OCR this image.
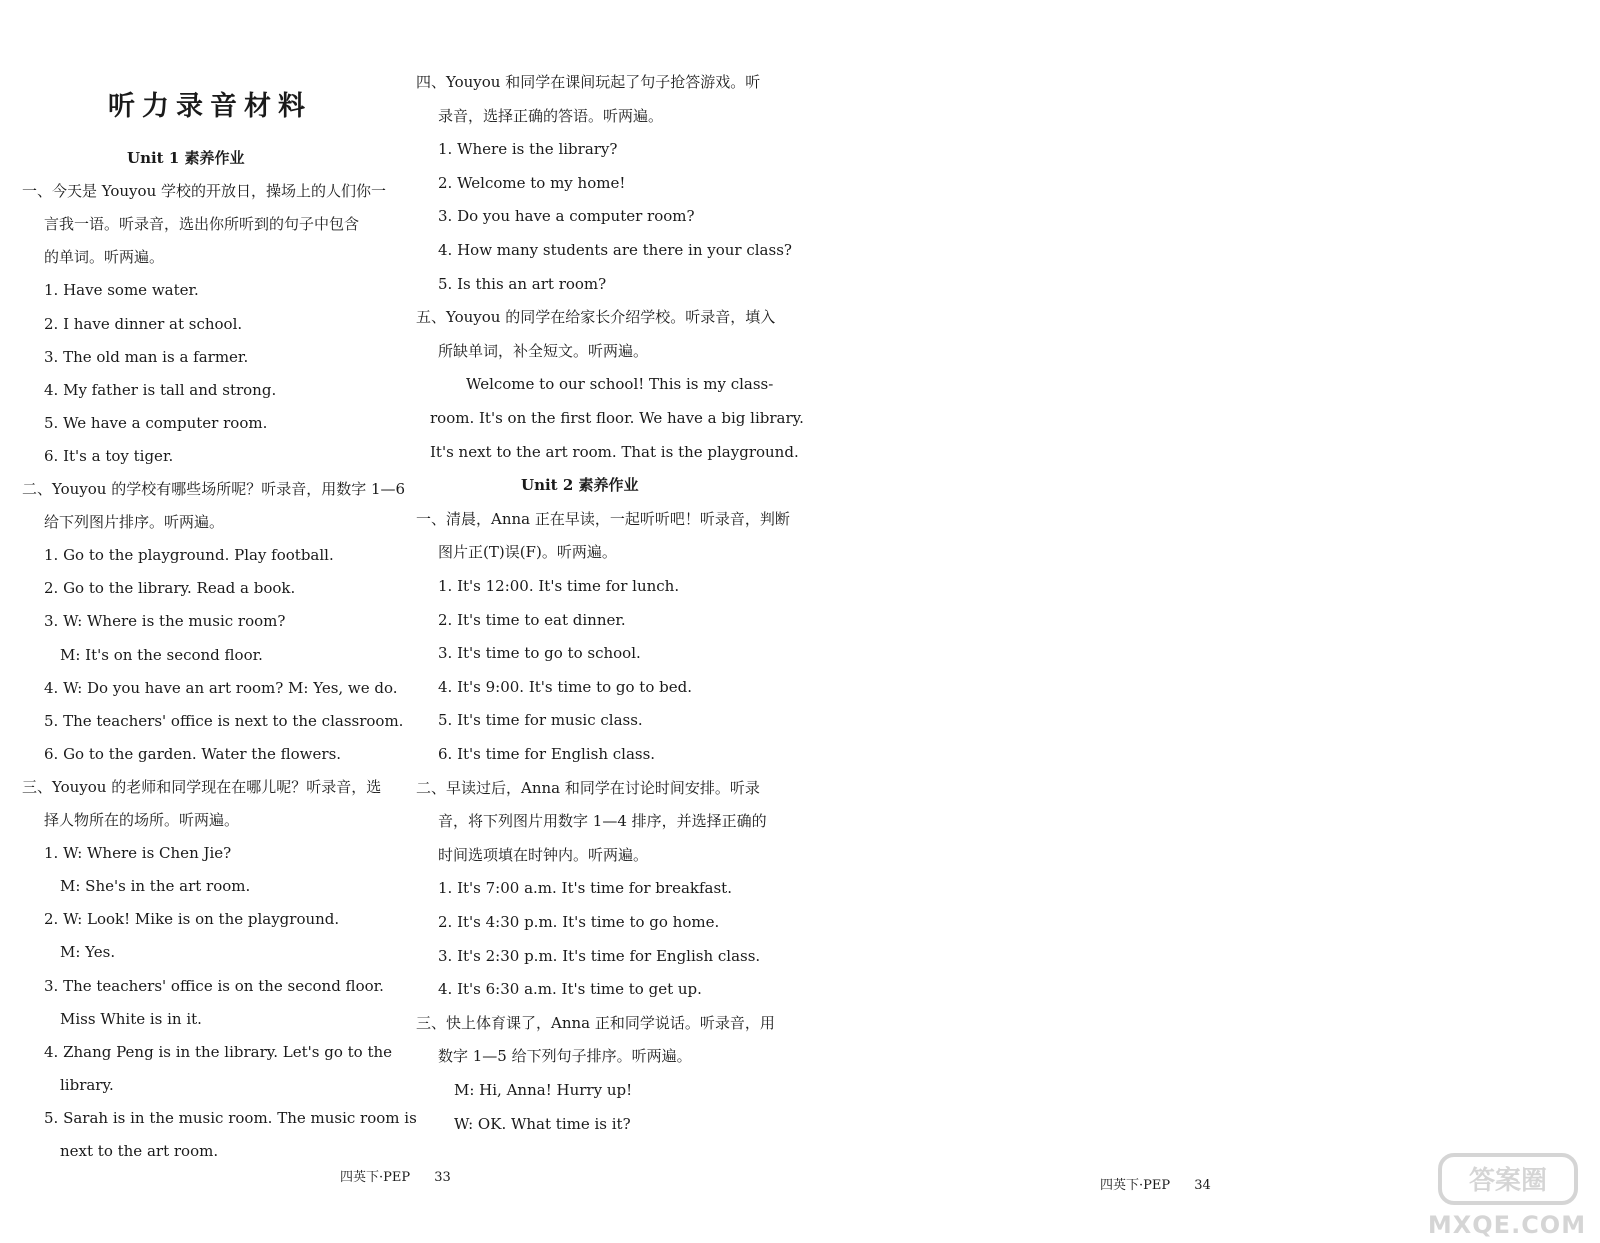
听力录音材料
Unit 1 素养作业
一、今天是 Youyou 学校的开放日，操场上的人们你一
言我一语。听录音，选出你所听到的句子中包含
的单词。听两遍。
1. Have some water.
2. I have dinner at school.
3. The old man is a farmer.
4. My father is tall and strong.
5. We have a computer room.
6. It's a toy tiger.
二、Youyou 的学校有哪些场所呢？听录音，用数字 1—6
给下列图片排序。听两遍。
1. Go to the playground. Play football.
2. Go to the library. Read a book.
3. W: Where is the music room?
M: It's on the second floor.
4. W: Do you have an art room? M: Yes, we do.
5. The teachers' office is next to the classroom.
6. Go to the garden. Water the flowers.
三、Youyou 的老师和同学现在在哪儿呢？听录音，选
择人物所在的场所。听两遍。
1. W: Where is Chen Jie?
M: She's in the art room.
2. W: Look! Mike is on the playground.
M: Yes.
3. The teachers' office is on the second floor.
Miss White is in it.
4. Zhang Peng is in the library. Let's go to the
library.
5. Sarah is in the music room. The music room is
next to the art room.
四、Youyou 和同学在课间玩起了句子抢答游戏。听
录音，选择正确的答语。听两遍。
1. Where is the library?
2. Welcome to my home!
3. Do you have a computer room?
4. How many students are there in your class?
5. Is this an art room?
五、Youyou 的同学在给家长介绍学校。听录音，填入
所缺单词，补全短文。听两遍。
Welcome to our school! This is my class-
room. It's on the first floor. We have a big library.
It's next to the art room. That is the playground.
Unit 2 素养作业
一、清晨，Anna 正在早读，一起听听吧！听录音，判断
图片正(T)误(F)。听两遍。
1. It's 12:00. It's time for lunch.
2. It's time to eat dinner.
3. It's time to go to school.
4. It's 9:00. It's time to go to bed.
5. It's time for music class.
6. It's time for English class.
二、早读过后，Anna 和同学在讨论时间安排。听录
音，将下列图片用数字 1—4 排序，并选择正确的
时间选项填在时钟内。听两遍。
1. It's 7:00 a.m. It's time for breakfast.
2. It's 4:30 p.m. It's time to go home.
3. It's 2:30 p.m. It's time for English class.
4. It's 6:30 a.m. It's time to get up.
三、快上体育课了，Anna 正和同学说话。听录音，用
数字 1—5 给下列句子排序。听两遍。
M: Hi, Anna! Hurry up!
W: OK. What time is it?
四英下·PEP 33
四英下·PEP 34	答案圈
MXQE.COM
